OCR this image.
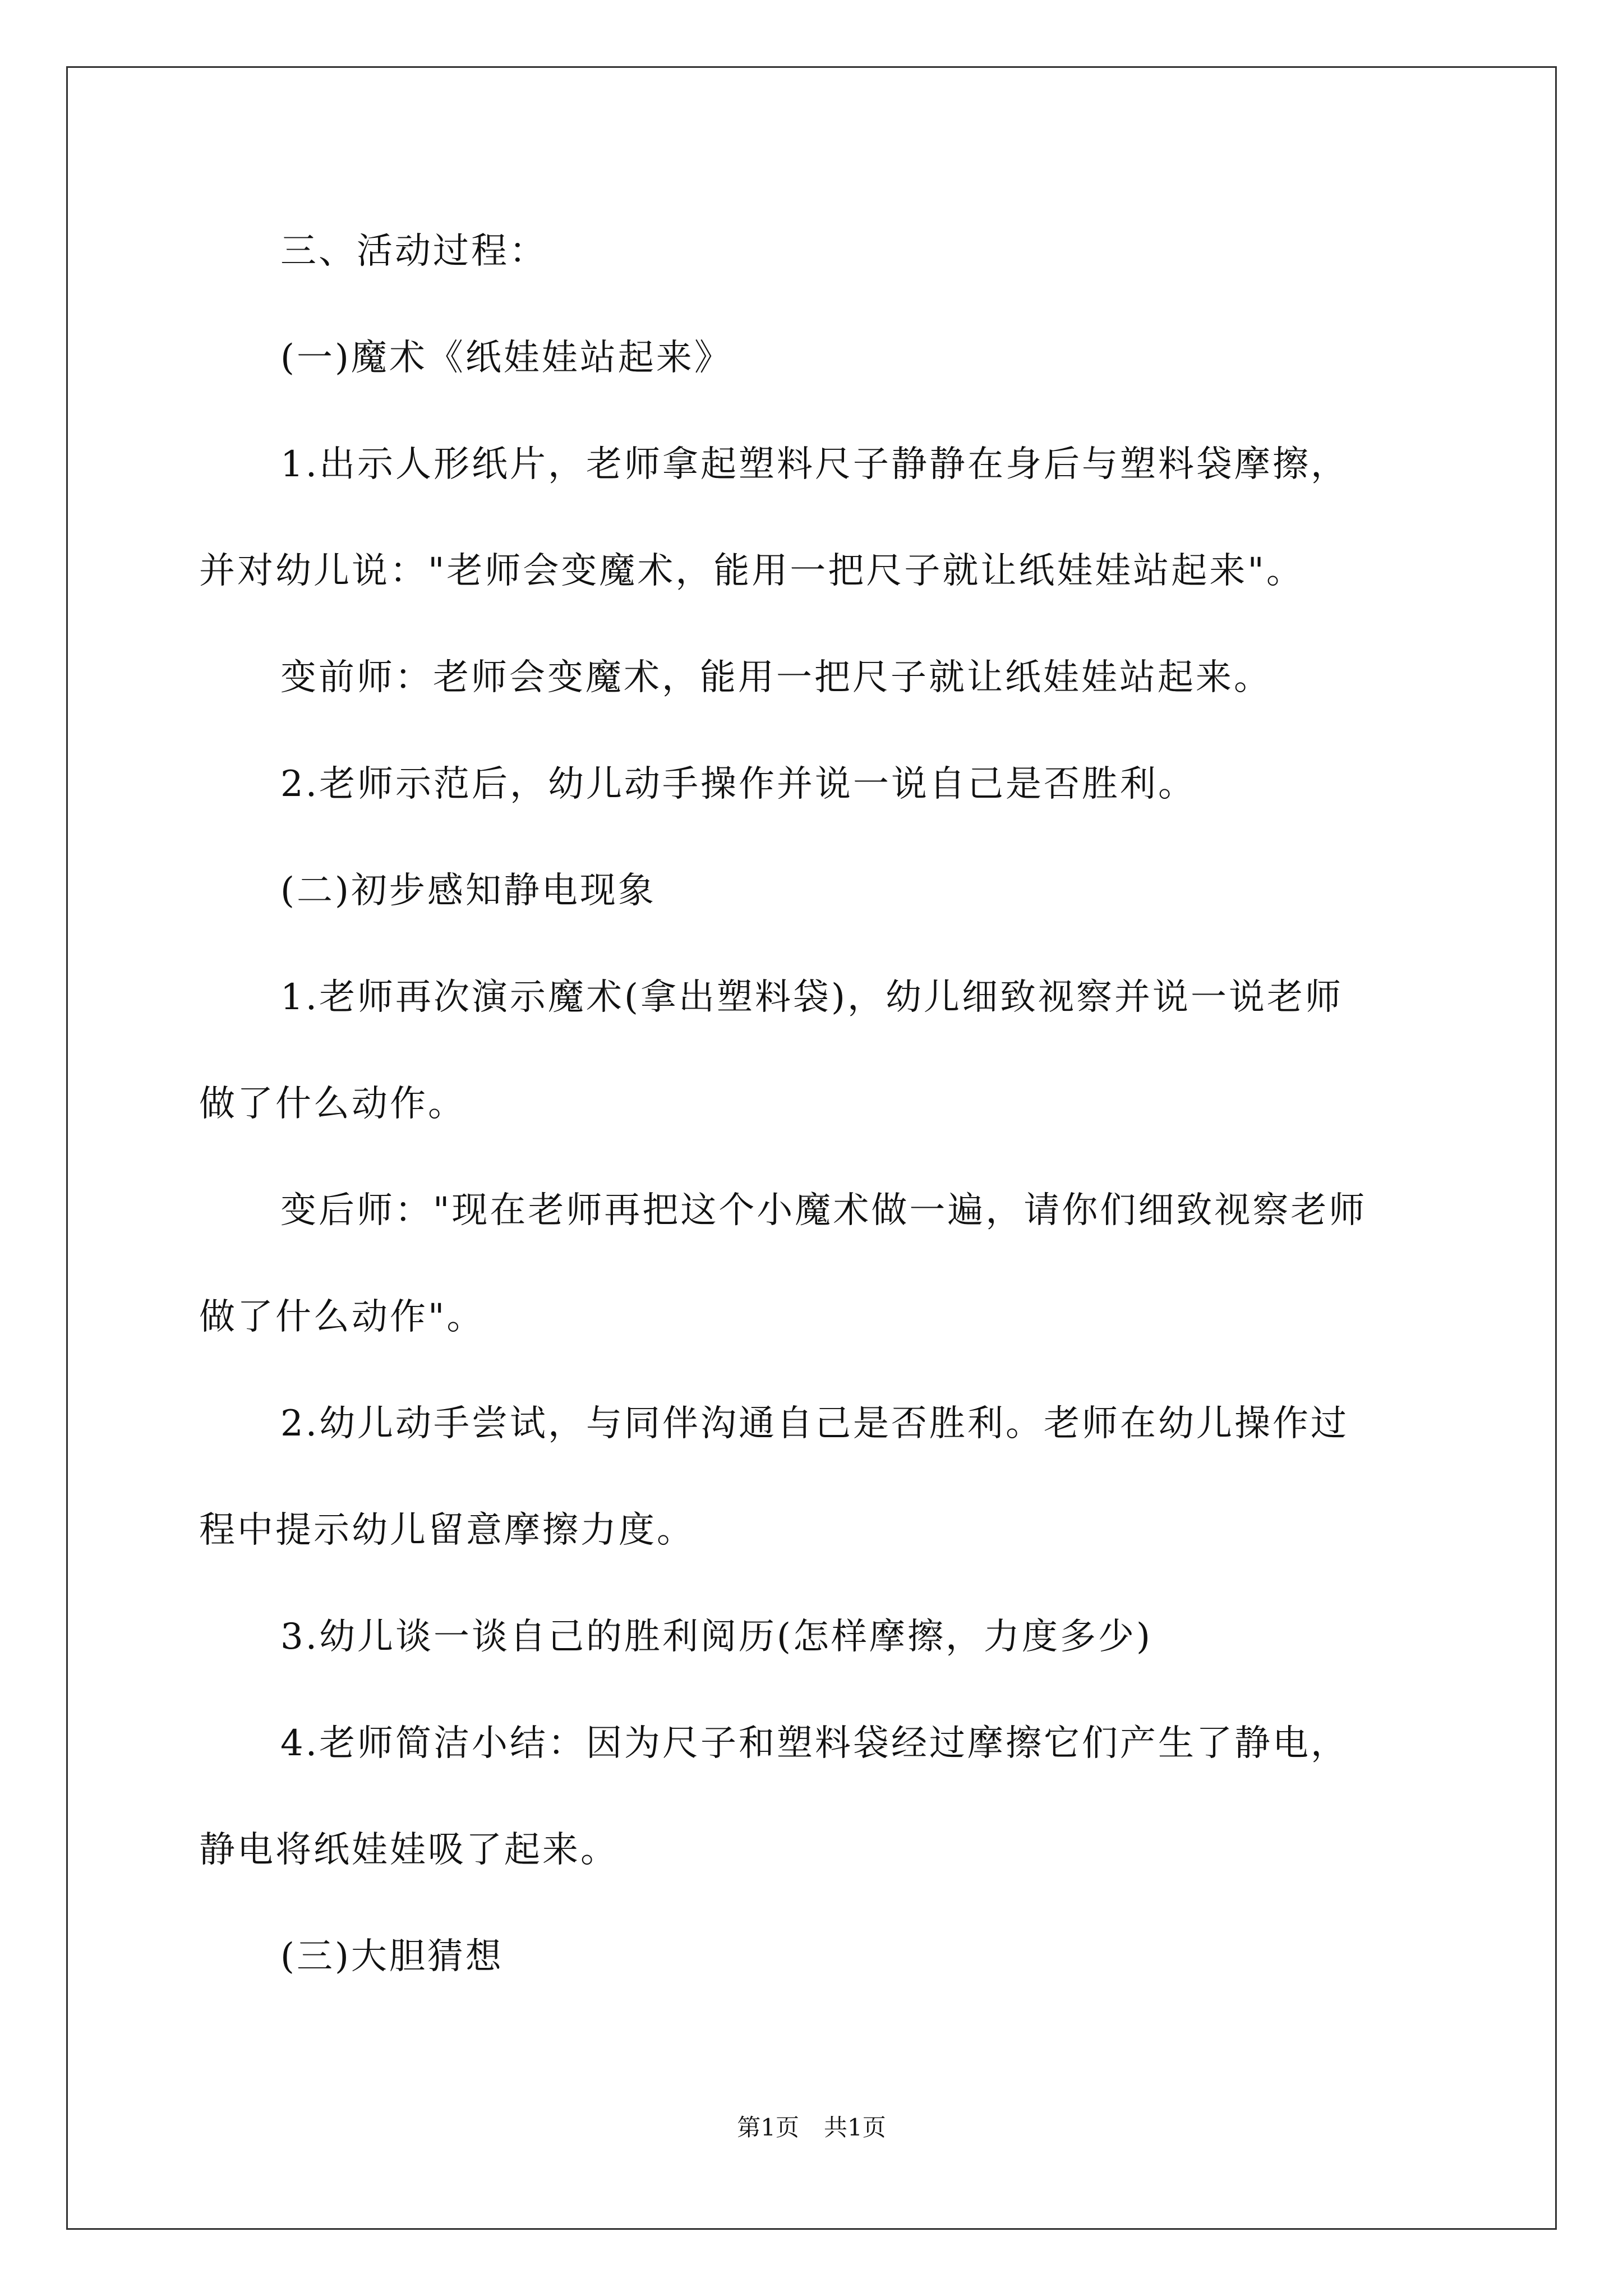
三、活动过程：
(一)魔术《纸娃娃站起来》
1.出示人形纸片，老师拿起塑料尺子静静在身后与塑料袋摩擦，
并对幼儿说："老师会变魔术，能用一把尺子就让纸娃娃站起来"。
变前师：老师会变魔术，能用一把尺子就让纸娃娃站起来。
2.老师示范后，幼儿动手操作并说一说自己是否胜利。
(二)初步感知静电现象
1.老师再次演示魔术(拿出塑料袋)，幼儿细致视察并说一说老师
做了什么动作。
变后师："现在老师再把这个小魔术做一遍，请你们细致视察老师
做了什么动作"。
2.幼儿动手尝试，与同伴沟通自己是否胜利。老师在幼儿操作过
程中提示幼儿留意摩擦力度。
3.幼儿谈一谈自己的胜利阅历(怎样摩擦，力度多少)
4.老师简洁小结：因为尺子和塑料袋经过摩擦它们产生了静电，
静电将纸娃娃吸了起来。
(三)大胆猜想
第1页 共1页
